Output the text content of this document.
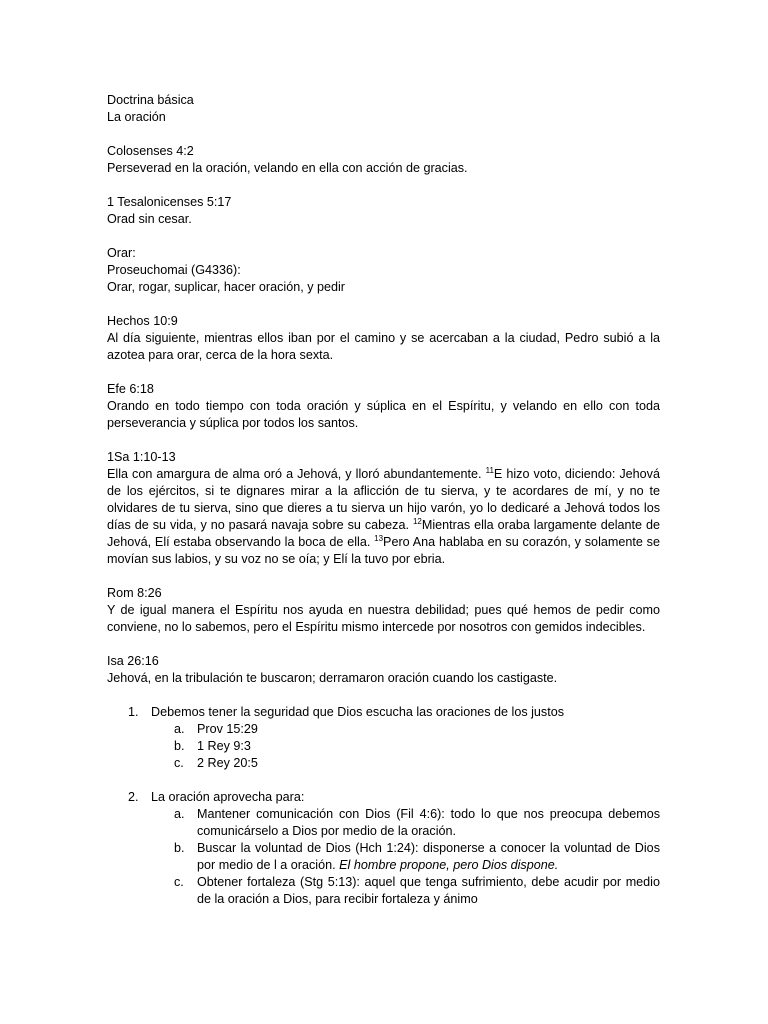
Doctrina básica
La oración
Colosenses 4:2
Perseverad en la oración, velando en ella con acción de gracias.
1 Tesalonicenses 5:17
Orad sin cesar.
Orar:
Proseuchomai (G4336):
Orar, rogar, suplicar, hacer oración, y pedir
Hechos 10:9
Al día siguiente, mientras ellos iban por el camino y se acercaban a la ciudad, Pedro subió a la azotea para orar, cerca de la hora sexta.
Efe 6:18
Orando en todo tiempo con toda oración y súplica en el Espíritu, y velando en ello con toda perseverancia y súplica por todos los santos.
1Sa 1:10-13
Ella con amargura de alma oró a Jehová, y lloró abundantemente. $^{11}$E hizo voto, diciendo: Jehová de los ejércitos, si te dignares mirar a la aflicción de tu sierva, y te acordares de mí, y no te olvidares de tu sierva, sino que dieres a tu sierva un hijo varón, yo lo dedicaré a Jehová todos los días de su vida, y no pasará navaja sobre su cabeza. $^{12}$Mientras ella oraba largamente delante de Jehová, Elí estaba observando la boca de ella. $^{13}$Pero Ana hablaba en su corazón, y solamente se movían sus labios, y su voz no se oía; y Elí la tuvo por ebria.
Rom 8:26
Y de igual manera el Espíritu nos ayuda en nuestra debilidad; pues qué hemos de pedir como conviene, no lo sabemos, pero el Espíritu mismo intercede por nosotros con gemidos indecibles.
Isa 26:16
Jehová, en la tribulación te buscaron; derramaron oración cuando los castigaste.
1. Debemos tener la seguridad que Dios escucha las oraciones de los justos
a. Prov 15:29
b. 1 Rey 9:3
c.	2 Rey 20:5
2. La oración aprovecha para:
a. Mantener comunicación con Dios (Fil 4:6): todo lo que nos preocupa debemos comunicárselo a Dios por medio de la oración.
b. Buscar la voluntad de Dios (Hch 1:24): disponerse a conocer la voluntad de Dios por medio de l a oración. El hombre propone, pero Dios dispone.
c.	Obtener fortaleza (Stg 5:13): aquel que tenga sufrimiento, debe acudir por medio de la oración a Dios, para recibir fortaleza y ánimo
